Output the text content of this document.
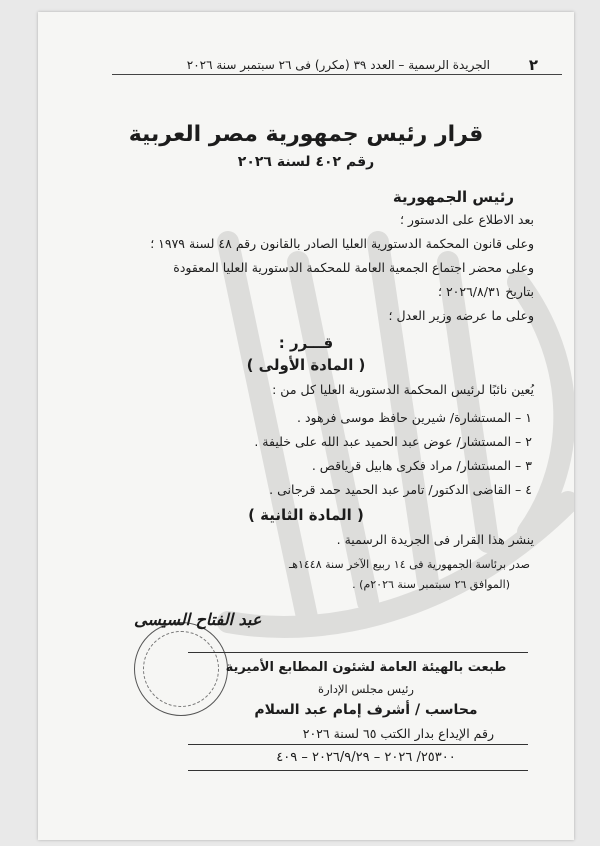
٢
الجريدة الرسمية – العدد ٣٩ (مكرر) فى ٢٦ سبتمبر سنة ٢٠٢٦
قرار رئيس جمهورية مصر العربية
رقم ٤٠٢ لسنة ٢٠٢٦
رئيس الجمهورية
بعد الاطلاع على الدستور ؛
وعلى قانون المحكمة الدستورية العليا الصادر بالقانون رقم ٤٨ لسنة ١٩٧٩ ؛
وعلى محضر اجتماع الجمعية العامة للمحكمة الدستورية العليا المعقودة
بتاريخ ٢٠٢٦/٨/٣١ ؛
وعلى ما عرضه وزير العدل ؛
قـــرر :
( المادة الأولى )
يُعين نائبًا لرئيس المحكمة الدستورية العليا كل من :
١ – المستشارة/ شيرين حافظ موسى فرهود .
٢ – المستشار/ عوض عبد الحميد عبد الله على خليفة .
٣ – المستشار/ مراد فكرى هابيل قرياقص .
٤ – القاضى الدكتور/ تامر عبد الحميد حمد قرجانى .
( المادة الثانية )
ينشر هذا القرار فى الجريدة الرسمية .
صدر برئاسة الجمهورية فى ١٤ ربيع الآخر سنة ١٤٤٨هـ
(الموافق ٢٦ سبتمبر سنة ٢٠٢٦م) .
عبد الفتاح السيسى
طبعت بالهيئة العامة لشئون المطابع الأميرية
رئيس مجلس الإدارة
محاسب / أشرف إمام عبد السلام
رقم الإيداع بدار الكتب ٦٥ لسنة ٢٠٢٦
٢٥٣٠٠/ ٢٠٢٦ – ٢٠٢٦/٩/٢٩ – ٤٠٩
